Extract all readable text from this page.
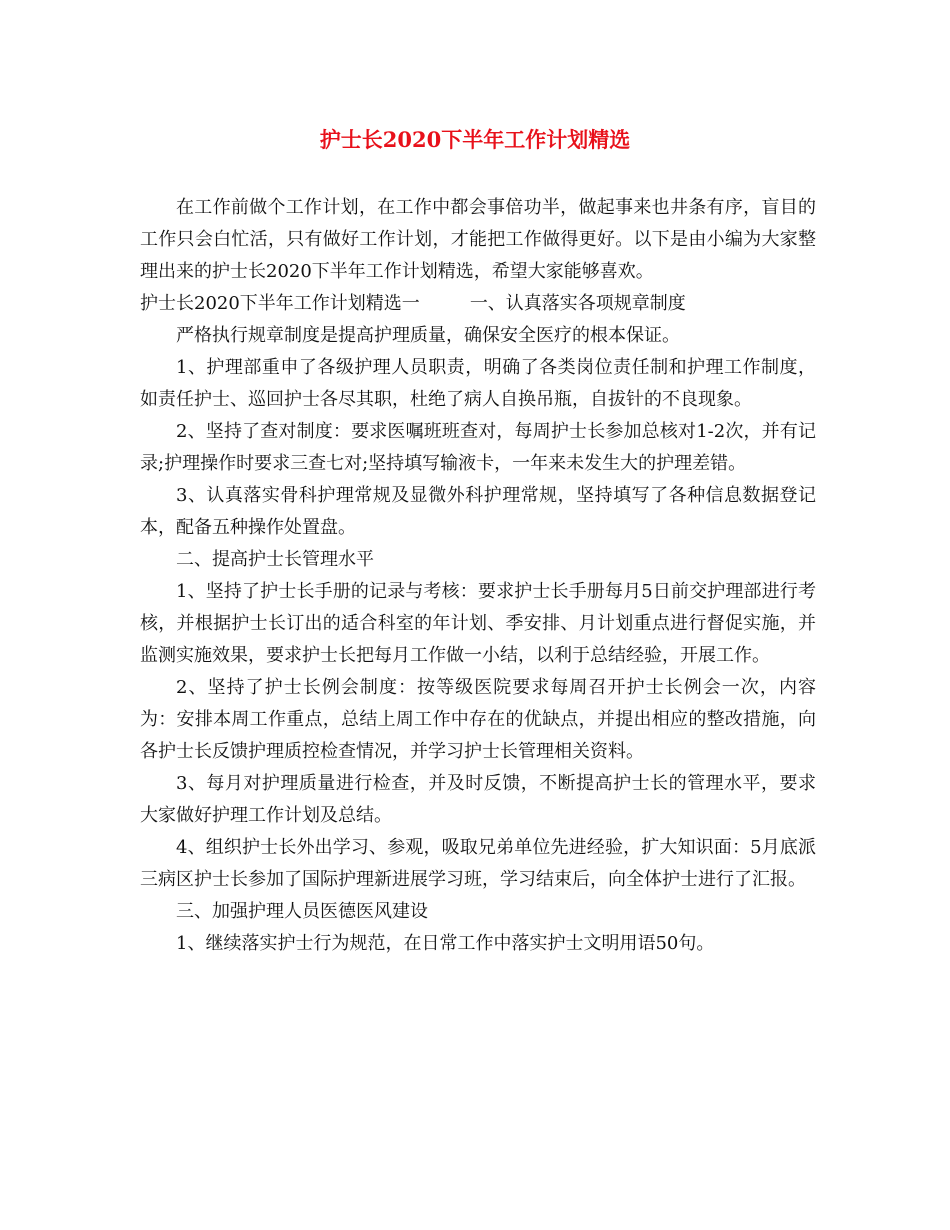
护士长2020下半年工作计划精选

在工作前做个工作计划，在工作中都会事倍功半，做起事来也井条有序，盲目的工作只会白忙活，只有做好工作计划，才能把工作做得更好。以下是由小编为大家整理出来的护士长2020下半年工作计划精选，希望大家能够喜欢。

护士长2020下半年工作计划精选一	一、认真落实各项规章制度

严格执行规章制度是提高护理质量，确保安全医疗的根本保证。

1、护理部重申了各级护理人员职责，明确了各类岗位责任制和护理工作制度，如责任护士、巡回护士各尽其职，杜绝了病人自换吊瓶，自拔针的不良现象。

2、坚持了查对制度：要求医嘱班班查对，每周护士长参加总核对1-2次，并有记录;护理操作时要求三查七对;坚持填写输液卡，一年来未发生大的护理差错。

3、认真落实骨科护理常规及显微外科护理常规，坚持填写了各种信息数据登记本，配备五种操作处置盘。

二、提高护士长管理水平

1、坚持了护士长手册的记录与考核：要求护士长手册每月5日前交护理部进行考核，并根据护士长订出的适合科室的年计划、季安排、月计划重点进行督促实施，并监测实施效果，要求护士长把每月工作做一小结，以利于总结经验，开展工作。

2、坚持了护士长例会制度：按等级医院要求每周召开护士长例会一次，内容为：安排本周工作重点，总结上周工作中存在的优缺点，并提出相应的整改措施，向各护士长反馈护理质控检查情况，并学习护士长管理相关资料。

3、每月对护理质量进行检查，并及时反馈，不断提高护士长的管理水平，要求大家做好护理工作计划及总结。

4、组织护士长外出学习、参观，吸取兄弟单位先进经验，扩大知识面：5月底派三病区护士长参加了国际护理新进展学习班，学习结束后，向全体护士进行了汇报。

三、加强护理人员医德医风建设

1、继续落实护士行为规范，在日常工作中落实护士文明用语50句。
